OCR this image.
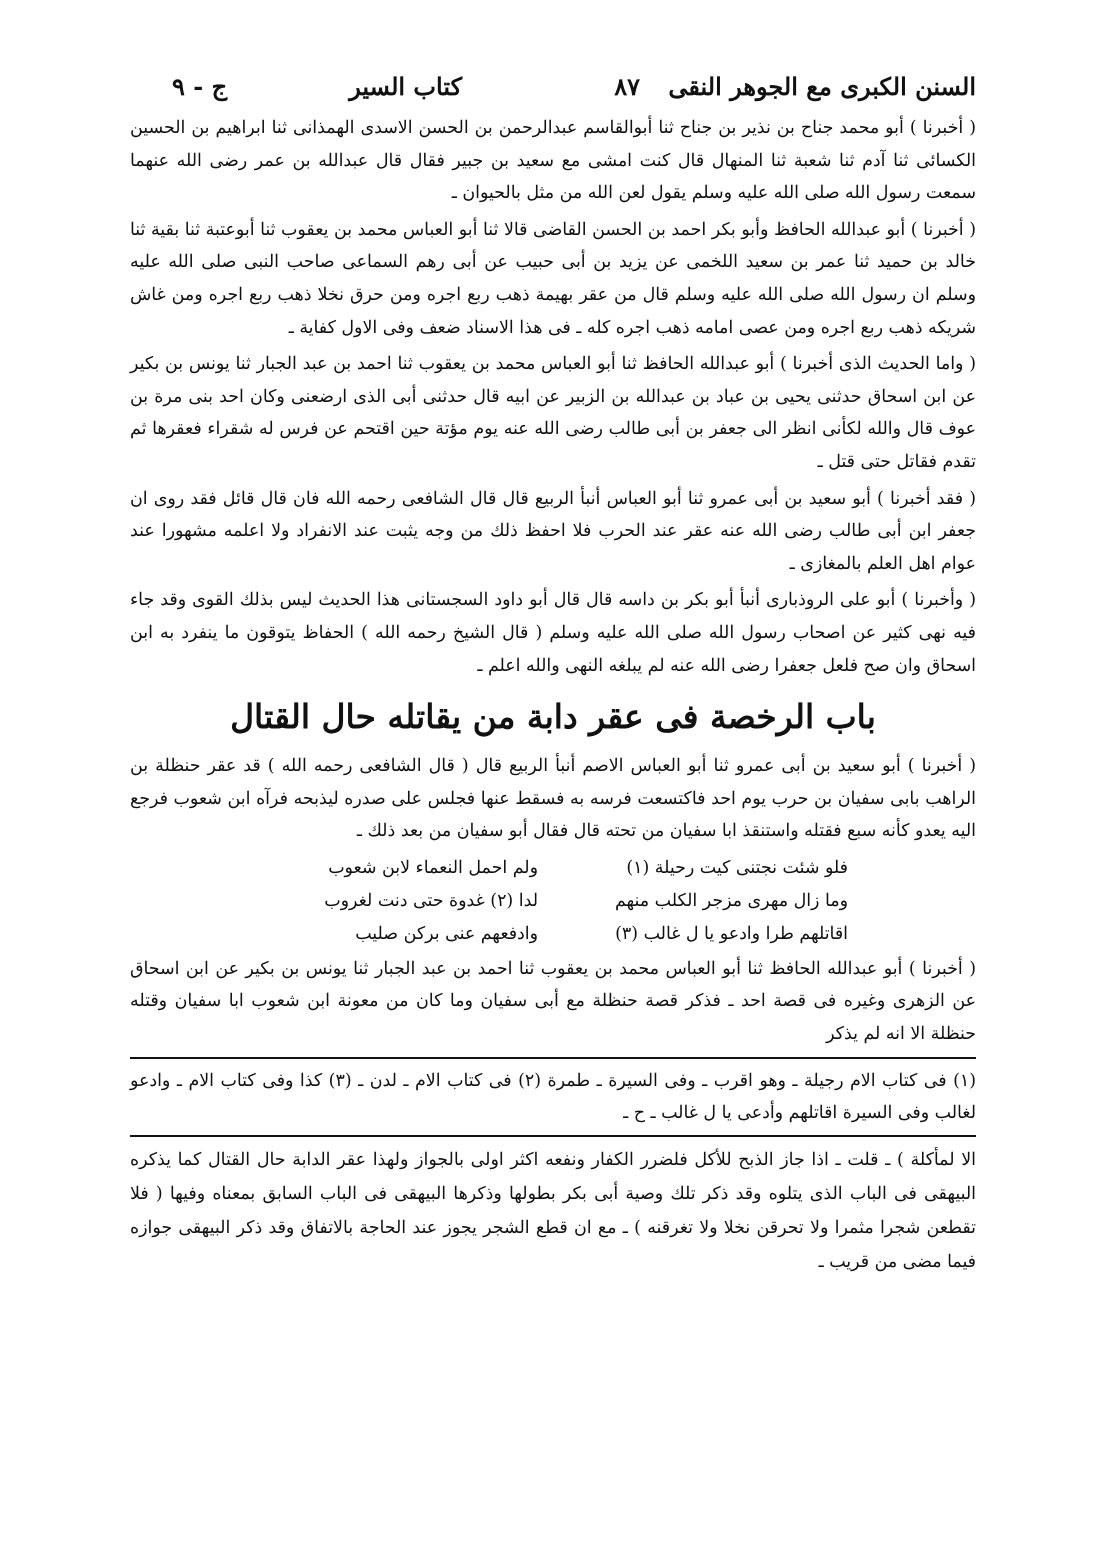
السنن الكبرى مع الجوهر النقى
٨٧
كتاب السير
ج - ٩

( أخبرنا ) أبو محمد جناح بن نذير بن جناح ثنا أبوالقاسم عبدالرحمن بن الحسن الاسدى الهمذانى ثنا ابراهيم بن الحسين الكسائى ثنا آدم ثنا شعبة ثنا المنهال قال كنت امشى مع سعيد بن جبير فقال قال عبدالله بن عمر رضى الله عنهما سمعت رسول الله صلى الله عليه وسلم يقول لعن الله من مثل بالحيوان ـ

( أخبرنا ) أبو عبدالله الحافظ وأبو بكر احمد بن الحسن القاضى قالا ثنا أبو العباس محمد بن يعقوب ثنا أبوعتبة ثنا بقية ثنا خالد بن حميد ثنا عمر بن سعيد اللخمى عن يزيد بن أبى حبيب عن أبى رهم السماعى صاحب النبى صلى الله عليه وسلم ان رسول الله صلى الله عليه وسلم قال من عقر بهيمة ذهب ربع اجره ومن حرق نخلا ذهب ربع اجره ومن غاش شريكه ذهب ربع اجره ومن عصى امامه ذهب اجره كله ـ فى هذا الاسناد ضعف وفى الاول كفاية ـ

( واما الحديث الذى أخبرنا ) أبو عبدالله الحافظ ثنا أبو العباس محمد بن يعقوب ثنا احمد بن عبد الجبار ثنا يونس بن بكير عن ابن اسحاق حدثنى يحيى بن عباد بن عبدالله بن الزبير عن ابيه قال حدثنى أبى الذى ارضعنى وكان احد بنى مرة بن عوف قال والله لكأنى انظر الى جعفر بن أبى طالب رضى الله عنه يوم مؤتة حين اقتحم عن فرس له شقراء فعقرها ثم تقدم فقاتل حتى قتل ـ

( فقد أخبرنا ) أبو سعيد بن أبى عمرو ثنا أبو العباس أنبأ الربيع قال قال الشافعى رحمه الله فان قال قائل فقد روى ان جعفر ابن أبى طالب رضى الله عنه عقر عند الحرب فلا احفظ ذلك من وجه يثبت عند الانفراد ولا اعلمه مشهورا عند عوام اهل العلم بالمغازى ـ

( وأخبرنا ) أبو على الروذبارى أنبأ أبو بكر بن داسه قال قال أبو داود السجستانى هذا الحديث ليس بذلك القوى وقد جاء فيه نهى كثير عن اصحاب رسول الله صلى الله عليه وسلم ( قال الشيخ رحمه الله ) الحفاظ يتوقون ما ينفرد به ابن اسحاق وان صح فلعل جعفرا رضى الله عنه لم يبلغه النهى والله اعلم ـ

باب الرخصة فى عقر دابة من يقاتله حال القتال

( أخبرنا ) أبو سعيد بن أبى عمرو ثنا أبو العباس الاصم أنبأ الربيع قال ( قال الشافعى رحمه الله ) قد عقر حنظلة بن الراهب بابى سفيان بن حرب يوم احد فاكتسعت فرسه به فسقط عنها فجلس على صدره ليذبحه فرآه ابن شعوب فرجع اليه يعدو كأنه سبع فقتله واستنقذ ابا سفيان من تحته قال فقال أبو سفيان من بعد ذلك ـ

فلو شئت نجتنى كيت رحيلة (١)
ولم احمل النعماء لابن شعوب
وما زال مهرى مزجر الكلب منهم
لدا (٢) غدوة حتى دنت لغروب
اقاتلهم طرا وادعو يا ل غالب (٣)
وادفعهم عنى بركن صليب

( أخبرنا ) أبو عبدالله الحافظ ثنا أبو العباس محمد بن يعقوب ثنا احمد بن عبد الجبار ثنا يونس بن بكير عن ابن اسحاق عن الزهرى وغيره فى قصة احد ـ فذكر قصة حنظلة مع أبى سفيان وما كان من معونة ابن شعوب ابا سفيان وقتله حنظلة الا انه لم يذكر

(١) فى كتاب الام رجيلة ـ وهو اقرب ـ وفى السيرة ـ طمرة (٢) فى كتاب الام ـ لدن ـ (٣) كذا وفى كتاب الام ـ وادعو لغالب وفى السيرة اقاتلهم وأدعى يا ل غالب ـ ح ـ

الا لمأكلة ) ـ قلت ـ اذا جاز الذبح للأكل فلضرر الكفار ونفعه اكثر اولى بالجواز ولهذا عقر الدابة حال القتال كما يذكره البيهقى فى الباب الذى يتلوه وقد ذكر تلك وصية أبى بكر بطولها وذكرها البيهقى فى الباب السابق بمعناه وفيها ( فلا تقطعن شجرا مثمرا ولا تحرقن نخلا ولا تغرقنه ) ـ مع ان قطع الشجر يجوز عند الحاجة بالاتفاق وقد ذكر البيهقى جوازه فيما مضى من قريب ـ
